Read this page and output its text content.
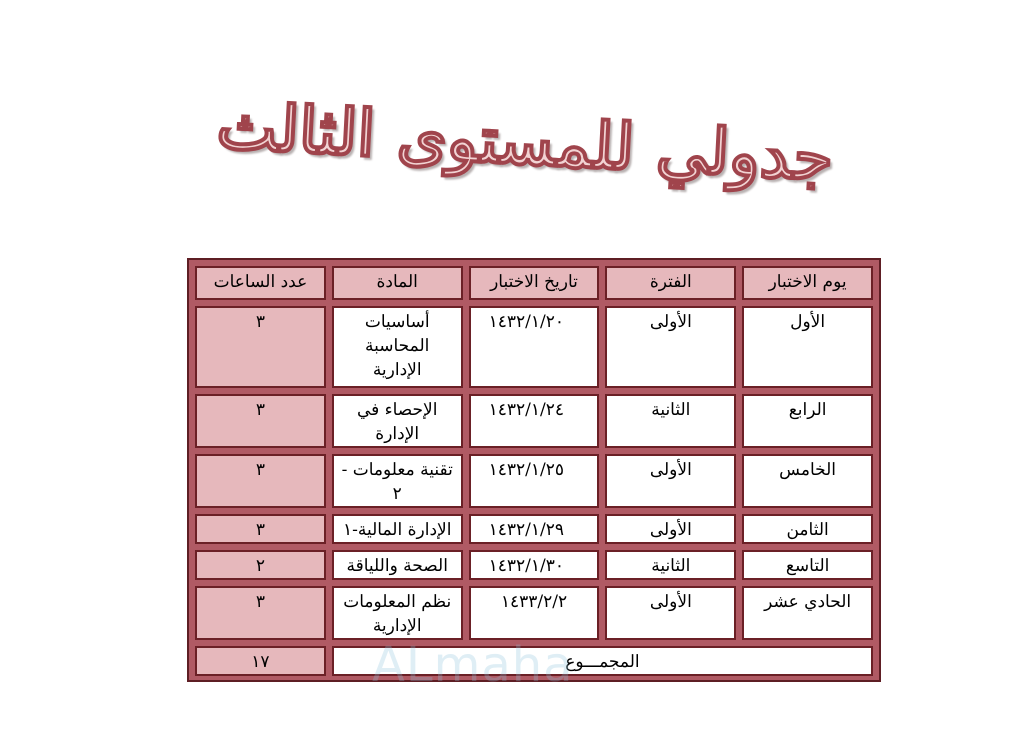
جدولي للمستوى الثالث
يوم الاختبار	الفترة	تاريخ الاختبار	المادة	عدد الساعات
الأول	الأولى	١٤٣٢/١/٢٠	أساسيات المحاسبة الإدارية	٣
الرابع	الثانية	١٤٣٢/١/٢٤	الإحصاء في الإدارة	٣
الخامس	الأولى	١٤٣٢/١/٢٥	تقنية معلومات - ٢	٣
الثامن	الأولى	١٤٣٢/١/٢٩	الإدارة المالية-١	٣
التاسع	الثانية	١٤٣٢/١/٣٠	الصحة واللياقة	٢
الحادي عشر	الأولى	١٤٣٣/٢/٢	نظم المعلومات الإدارية	٣
المجمـــوع				١٧ ALmaha
